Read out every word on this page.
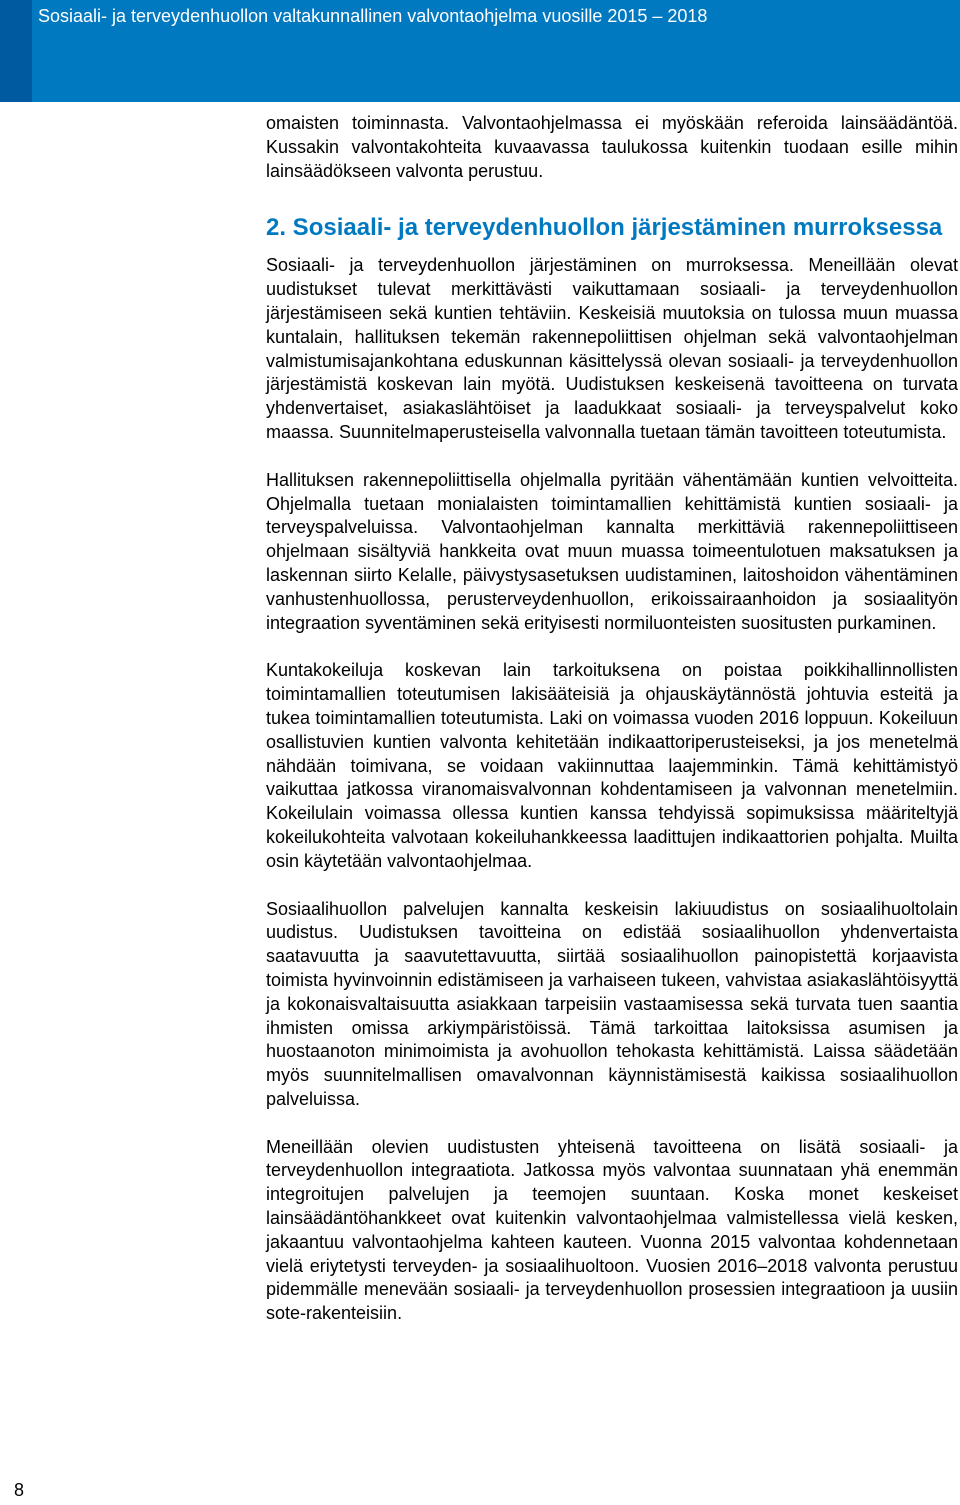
Sosiaali- ja terveydenhuollon valtakunnallinen valvontaohjelma vuosille 2015 – 2018

omaisten toiminnasta. Valvontaohjelmassa ei myöskään referoida lainsäädäntöä. Kussakin valvontakohteita kuvaavassa taulukossa kuitenkin tuodaan esille mihin lainsäädökseen valvonta perustuu.

2. Sosiaali- ja terveydenhuollon järjestäminen murroksessa

Sosiaali- ja terveydenhuollon järjestäminen on murroksessa. Meneillään olevat uudistukset tulevat merkittävästi vaikuttamaan sosiaali- ja terveydenhuollon järjestämiseen sekä kuntien tehtäviin. Keskeisiä muutoksia on tulossa muun muassa kuntalain, hallituksen tekemän rakennepoliittisen ohjelman sekä valvontaohjelman valmistumisajankohtana eduskunnan käsittelyssä olevan sosiaali- ja terveydenhuollon järjestämistä koskevan lain myötä. Uudistuksen keskeisenä tavoitteena on turvata yhdenvertaiset, asiakaslähtöiset ja laadukkaat sosiaali- ja terveyspalvelut koko maassa. Suunnitelmaperusteisella valvonnalla tuetaan tämän tavoitteen toteutumista.

Hallituksen rakennepoliittisella ohjelmalla pyritään vähentämään kuntien velvoitteita. Ohjelmalla tuetaan monialaisten toimintamallien kehittämistä kuntien sosiaali- ja terveyspalveluissa. Valvontaohjelman kannalta merkittäviä rakennepoliittiseen ohjelmaan sisältyviä hankkeita ovat muun muassa toimeentulotuen maksatuksen ja laskennan siirto Kelalle, päivystysasetuksen uudistaminen, laitoshoidon vähentäminen vanhustenhuollossa, perusterveydenhuollon, erikoissairaanhoidon ja sosiaalityön integraation syventäminen sekä erityisesti normiluonteisten suositusten purkaminen.

Kuntakokeiluja koskevan lain tarkoituksena on poistaa poikkihallinnollisten toimintamallien toteutumisen lakisääteisiä ja ohjauskäytännöstä johtuvia esteitä ja tukea toimintamallien toteutumista. Laki on voimassa vuoden 2016 loppuun. Kokeiluun osallistuvien kuntien valvonta kehitetään indikaattoriperusteiseksi, ja jos menetelmä nähdään toimivana, se voidaan vakiinnuttaa laajemminkin. Tämä kehittämistyö vaikuttaa jatkossa viranomaisvalvonnan kohdentamiseen ja valvonnan menetelmiin. Kokeilulain voimassa ollessa kuntien kanssa tehdyissä sopimuksissa määriteltyjä kokeilukohteita valvotaan kokeiluhankkeessa laadittujen indikaattorien pohjalta. Muilta osin käytetään valvontaohjelmaa.

Sosiaalihuollon palvelujen kannalta keskeisin lakiuudistus on sosiaalihuoltolain uudistus. Uudistuksen tavoitteina on edistää sosiaalihuollon yhdenvertaista saatavuutta ja saavutettavuutta, siirtää sosiaalihuollon painopistettä korjaavista toimista hyvinvoinnin edistämiseen ja varhaiseen tukeen, vahvistaa asiakaslähtöisyyttä ja kokonaisvaltaisuutta asiakkaan tarpeisiin vastaamisessa sekä turvata tuen saantia ihmisten omissa arkiympäristöissä. Tämä tarkoittaa laitoksissa asumisen ja huostaanoton minimoimista ja avohuollon tehokasta kehittämistä. Laissa säädetään myös suunnitelmallisen omavalvonnan käynnistämisestä kaikissa sosiaalihuollon palveluissa.

Meneillään olevien uudistusten yhteisenä tavoitteena on lisätä sosiaali- ja terveydenhuollon integraatiota. Jatkossa myös valvontaa suunnataan yhä enemmän integroitujen palvelujen ja teemojen suuntaan. Koska monet keskeiset lainsäädäntöhankkeet ovat kuitenkin valvontaohjelmaa valmistellessa vielä kesken, jakaantuu valvontaohjelma kahteen kauteen. Vuonna 2015 valvontaa kohdennetaan vielä eriytetysti terveyden- ja sosiaalihuoltoon. Vuosien 2016–2018 valvonta perustuu pidemmälle menevään sosiaali- ja terveydenhuollon prosessien integraatioon ja uusiin sote-rakenteisiin.

8
